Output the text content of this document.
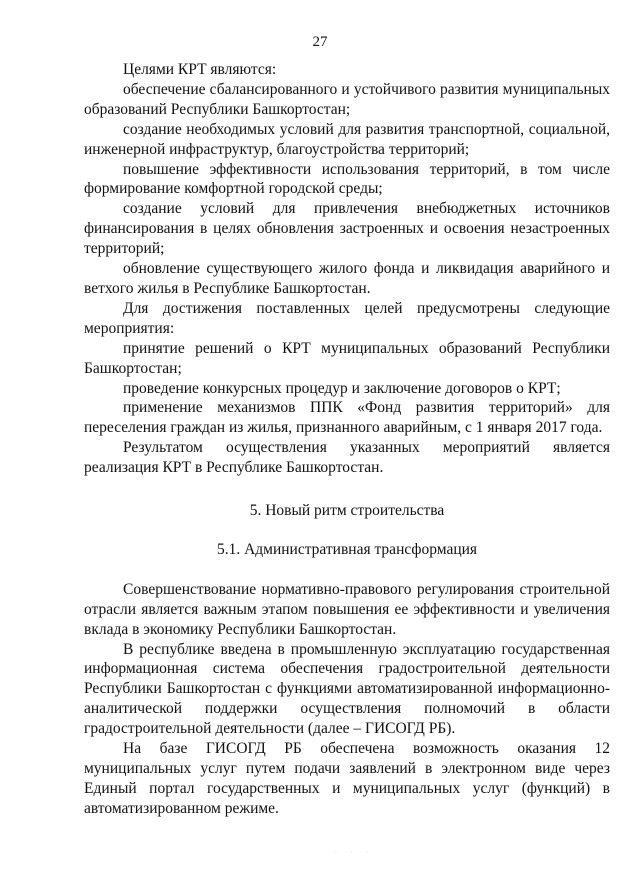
27

Целями КРТ являются:

обеспечение сбалансированного и устойчивого развития муниципальных образований Республики Башкортостан;

создание необходимых условий для развития транспортной, социальной, инженерной инфраструктур, благоустройства территорий;

повышение эффективности использования территорий, в том числе формирование комфортной городской среды;

создание условий для привлечения внебюджетных источников финансирования в целях обновления застроенных и освоения незастроенных территорий;

обновление существующего жилого фонда и ликвидация аварийного и ветхого жилья в Республике Башкортостан.

Для достижения поставленных целей предусмотрены следующие мероприятия:

принятие решений о КРТ муниципальных образований Республики Башкортостан;

проведение конкурсных процедур и заключение договоров о КРТ;

применение механизмов ППК «Фонд развития территорий» для переселения граждан из жилья, признанного аварийным, с 1 января 2017 года.

Результатом осуществления указанных мероприятий является реализация КРТ в Республике Башкортостан.

5. Новый ритм строительства

5.1. Административная трансформация

Совершенствование нормативно-правового регулирования строительной отрасли является важным этапом повышения ее эффективности и увеличения вклада в экономику Республики Башкортостан.

В республике введена в промышленную эксплуатацию государственная информационная система обеспечения градостроительной деятельности Республики Башкортостан с функциями автоматизированной информационно-аналитической поддержки осуществления полномочий в области градостроительной деятельности (далее – ГИСОГД РБ).

На базе ГИСОГД РБ обеспечена возможность оказания 12 муниципальных услуг путем подачи заявлений в электронном виде через Единый портал государственных и муниципальных услуг (функций) в автоматизированном режиме.

· · ·
